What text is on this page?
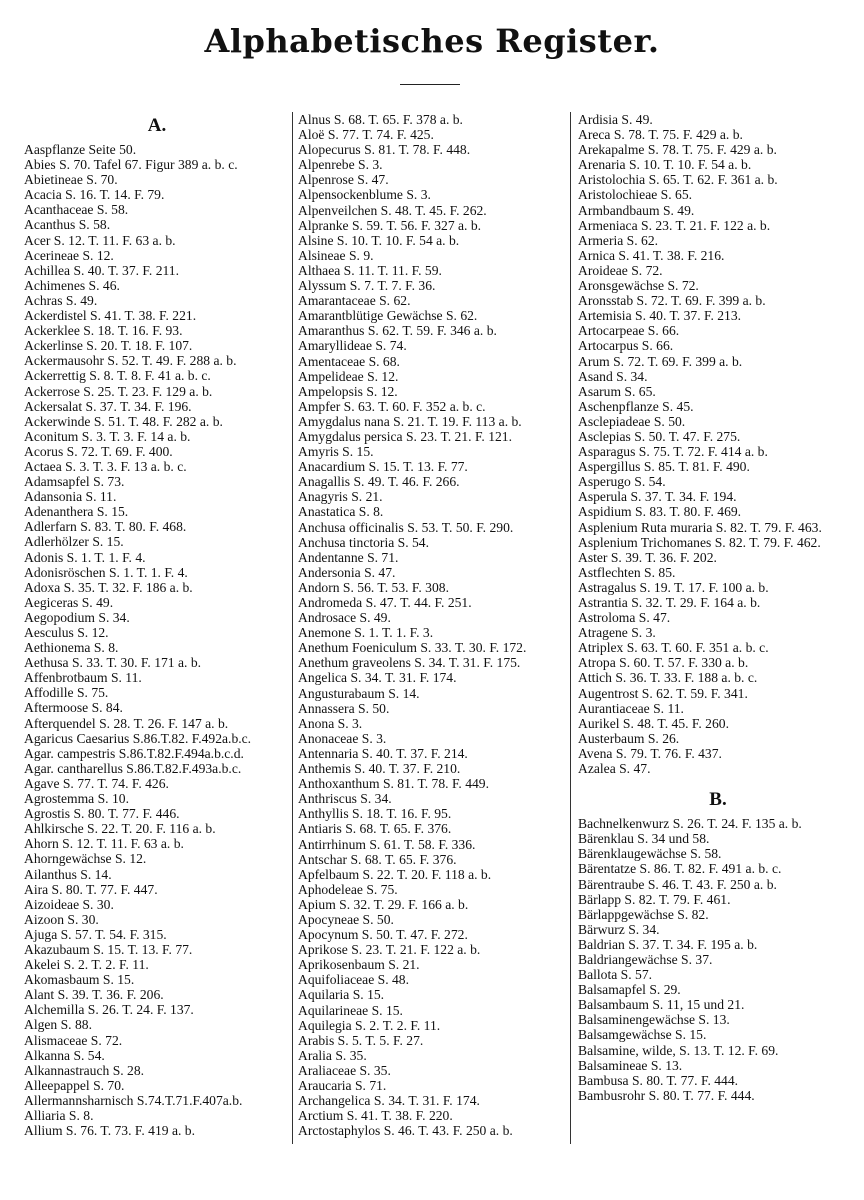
Alphabetisches Register.
A.
Aaspflanze Seite 50.
Abies S. 70. Tafel 67. Figur 389 a. b. c.
Abietineae S. 70.
Acacia S. 16. T. 14. F. 79.
Acanthaceae S. 58.
Acanthus S. 58.
Acer S. 12. T. 11. F. 63 a. b.
Acerineae S. 12.
Achillea S. 40. T. 37. F. 211.
Achimenes S. 46.
Achras S. 49.
Ackerdistel S. 41. T. 38. F. 221.
Ackerklee S. 18. T. 16. F. 93.
Ackerlinse S. 20. T. 18. F. 107.
Ackermausohr S. 52. T. 49. F. 288 a. b.
Ackerrettig S. 8. T. 8. F. 41 a. b. c.
Ackerrose S. 25. T. 23. F. 129 a. b.
Ackersalat S. 37. T. 34. F. 196.
Ackerwinde S. 51. T. 48. F. 282 a. b.
Aconitum S. 3. T. 3. F. 14 a. b.
Acorus S. 72. T. 69. F. 400.
Actaea S. 3. T. 3. F. 13 a. b. c.
Adamsapfel S. 73.
Adansonia S. 11.
Adenanthera S. 15.
Adlerfarn S. 83. T. 80. F. 468.
Adlerhölzer S. 15.
Adonis S. 1. T. 1. F. 4.
Adonisröschen S. 1. T. 1. F. 4.
Adoxa S. 35. T. 32. F. 186 a. b.
Aegiceras S. 49.
Aegopodium S. 34.
Aesculus S. 12.
Aethionema S. 8.
Aethusa S. 33. T. 30. F. 171 a. b.
Affenbrotbaum S. 11.
Affodille S. 75.
Aftermoose S. 84.
Afterquendel S. 28. T. 26. F. 147 a. b.
Agaricus Caesarius S.86.T.82. F.492a.b.c.
Agar. campestris S.86.T.82.F.494a.b.c.d.
Agar. cantharellus S.86.T.82.F.493a.b.c.
Agave S. 77. T. 74. F. 426.
Agrostemma S. 10.
Agrostis S. 80. T. 77. F. 446.
Ahlkirsche S. 22. T. 20. F. 116 a. b.
Ahorn S. 12. T. 11. F. 63 a. b.
Ahorngewächse S. 12.
Ailanthus S. 14.
Aira S. 80. T. 77. F. 447.
Aizoideae S. 30.
Aizoon S. 30.
Ajuga S. 57. T. 54. F. 315.
Akazubaum S. 15. T. 13. F. 77.
Akelei S. 2. T. 2. F. 11.
Akomasbaum S. 15.
Alant S. 39. T. 36. F. 206.
Alchemilla S. 26. T. 24. F. 137.
Algen S. 88.
Alismaceae S. 72.
Alkanna S. 54.
Alkannastrauch S. 28.
Alleepappel S. 70.
Allermannsharnisch S.74.T.71.F.407a.b.
Alliaria S. 8.
Allium S. 76. T. 73. F. 419 a. b.
Alnus S. 68. T. 65. F. 378 a. b.
Aloë S. 77. T. 74. F. 425.
Alopecurus S. 81. T. 78. F. 448.
Alpenrebe S. 3.
Alpenrose S. 47.
Alpensockenblume S. 3.
Alpenveilchen S. 48. T. 45. F. 262.
Alpranke S. 59. T. 56. F. 327 a. b.
Alsine S. 10. T. 10. F. 54 a. b.
Alsineae S. 9.
Althaea S. 11. T. 11. F. 59.
Alyssum S. 7. T. 7. F. 36.
Amarantaceae S. 62.
Amarantblütige Gewächse S. 62.
Amaranthus S. 62. T. 59. F. 346 a. b.
Amaryllideae S. 74.
Amentaceae S. 68.
Ampelideae S. 12.
Ampelopsis S. 12.
Ampfer S. 63. T. 60. F. 352 a. b. c.
Amygdalus nana S. 21. T. 19. F. 113 a. b.
Amygdalus persica S. 23. T. 21. F. 121.
Amyris S. 15.
Anacardium S. 15. T. 13. F. 77.
Anagallis S. 49. T. 46. F. 266.
Anagyris S. 21.
Anastatica S. 8.
Anchusa officinalis S. 53. T. 50. F. 290.
Anchusa tinctoria S. 54.
Andentanne S. 71.
Andersonia S. 47.
Andorn S. 56. T. 53. F. 308.
Andromeda S. 47. T. 44. F. 251.
Androsace S. 49.
Anemone S. 1. T. 1. F. 3.
Anethum Foeniculum S. 33. T. 30. F. 172.
Anethum graveolens S. 34. T. 31. F. 175.
Angelica S. 34. T. 31. F. 174.
Angusturabaum S. 14.
Annassera S. 50.
Anona S. 3.
Anonaceae S. 3.
Antennaria S. 40. T. 37. F. 214.
Anthemis S. 40. T. 37. F. 210.
Anthoxanthum S. 81. T. 78. F. 449.
Anthriscus S. 34.
Anthyllis S. 18. T. 16. F. 95.
Antiaris S. 68. T. 65. F. 376.
Antirrhinum S. 61. T. 58. F. 336.
Antschar S. 68. T. 65. F. 376.
Apfelbaum S. 22. T. 20. F. 118 a. b.
Aphodeleae S. 75.
Apium S. 32. T. 29. F. 166 a. b.
Apocyneae S. 50.
Apocynum S. 50. T. 47. F. 272.
Aprikose S. 23. T. 21. F. 122 a. b.
Aprikosenbaum S. 21.
Aquifoliaceae S. 48.
Aquilaria S. 15.
Aquilarineae S. 15.
Aquilegia S. 2. T. 2. F. 11.
Arabis S. 5. T. 5. F. 27.
Aralia S. 35.
Araliaceae S. 35.
Araucaria S. 71.
Archangelica S. 34. T. 31. F. 174.
Arctium S. 41. T. 38. F. 220.
Arctostaphylos S. 46. T. 43. F. 250 a. b.
Ardisia S. 49.
Areca S. 78. T. 75. F. 429 a. b.
Arekapalme S. 78. T. 75. F. 429 a. b.
Arenaria S. 10. T. 10. F. 54 a. b.
Aristolochia S. 65. T. 62. F. 361 a. b.
Aristolochieae S. 65.
Armbandbaum S. 49.
Armeniaca S. 23. T. 21. F. 122 a. b.
Armeria S. 62.
Arnica S. 41. T. 38. F. 216.
Aroideae S. 72.
Aronsgewächse S. 72.
Aronsstab S. 72. T. 69. F. 399 a. b.
Artemisia S. 40. T. 37. F. 213.
Artocarpeae S. 66.
Artocarpus S. 66.
Arum S. 72. T. 69. F. 399 a. b.
Asand S. 34.
Asarum S. 65.
Aschenpflanze S. 45.
Asclepiadeae S. 50.
Asclepias S. 50. T. 47. F. 275.
Asparagus S. 75. T. 72. F. 414 a. b.
Aspergillus S. 85. T. 81. F. 490.
Asperugo S. 54.
Asperula S. 37. T. 34. F. 194.
Aspidium S. 83. T. 80. F. 469.
Asplenium Ruta muraria S. 82. T. 79. F. 463.
Asplenium Trichomanes S. 82. T. 79. F. 462.
Aster S. 39. T. 36. F. 202.
Astflechten S. 85.
Astragalus S. 19. T. 17. F. 100 a. b.
Astrantia S. 32. T. 29. F. 164 a. b.
Astroloma S. 47.
Atragene S. 3.
Atriplex S. 63. T. 60. F. 351 a. b. c.
Atropa S. 60. T. 57. F. 330 a. b.
Attich S. 36. T. 33. F. 188 a. b. c.
Augentrost S. 62. T. 59. F. 341.
Aurantiaceae S. 11.
Aurikel S. 48. T. 45. F. 260.
Austerbaum S. 26.
Avena S. 79. T. 76. F. 437.
Azalea S. 47.
B.
Bachnelkenwurz S. 26. T. 24. F. 135 a. b.
Bärenklau S. 34 und 58.
Bärenklaugewächse S. 58.
Bärentatze S. 86. T. 82. F. 491 a. b. c.
Bärentraube S. 46. T. 43. F. 250 a. b.
Bärlapp S. 82. T. 79. F. 461.
Bärlappgewächse S. 82.
Bärwurz S. 34.
Baldrian S. 37. T. 34. F. 195 a. b.
Baldriangewächse S. 37.
Ballota S. 57.
Balsamapfel S. 29.
Balsambaum S. 11, 15 und 21.
Balsaminengewächse S. 13.
Balsamgewächse S. 15.
Balsamine, wilde, S. 13. T. 12. F. 69.
Balsamineae S. 13.
Bambusa S. 80. T. 77. F. 444.
Bambusrohr S. 80. T. 77. F. 444.
